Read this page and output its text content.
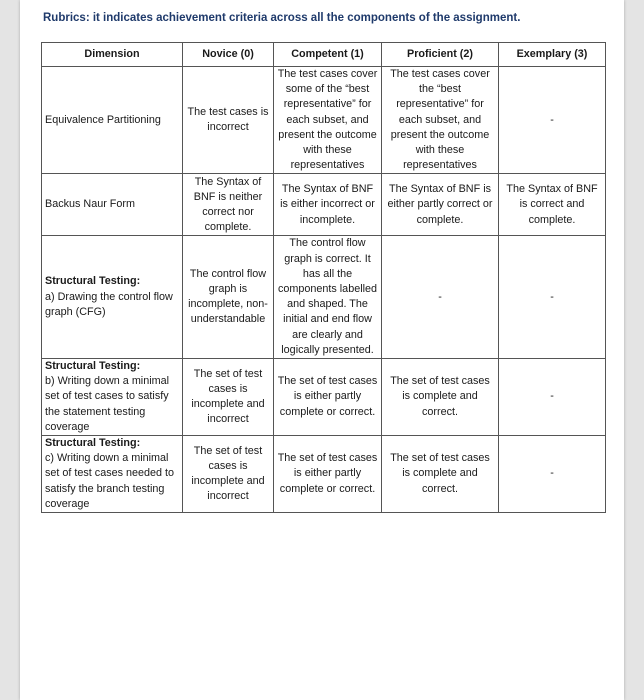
Rubrics: it indicates achievement criteria across all the components of the assignment.
Dimension	Novice (0)	Competent (1)	Proficient (2)	Exemplary (3)

Equivalence Partitioning	The test cases is incorrect	The test cases cover some of the “best representative” for each subset, and present the outcome with these representatives	The test cases cover the “best representative” for each subset, and present the outcome with these representatives	-

Backus Naur Form	The Syntax of BNF is neither correct nor complete.	The Syntax of BNF is either incorrect or incomplete.	The Syntax of BNF is either partly correct or complete.	The Syntax of BNF is correct and complete.

Structural Testing:
a) Drawing the control flow graph (CFG)	The control flow graph is incomplete, non-understandable	The control flow graph is correct. It has all the components labelled and shaped. The initial and end flow are clearly and logically presented.	-	-

Structural Testing:
b) Writing down a minimal set of test cases to satisfy the statement testing coverage	The set of test cases is incomplete and incorrect	The set of test cases is either partly complete or correct.	The set of test cases is complete and correct.	-

Structural Testing:
c) Writing down a minimal set of test cases needed to satisfy the branch testing coverage	The set of test cases is incomplete and incorrect	The set of test cases is either partly complete or correct.	The set of test cases is complete and correct.	-
